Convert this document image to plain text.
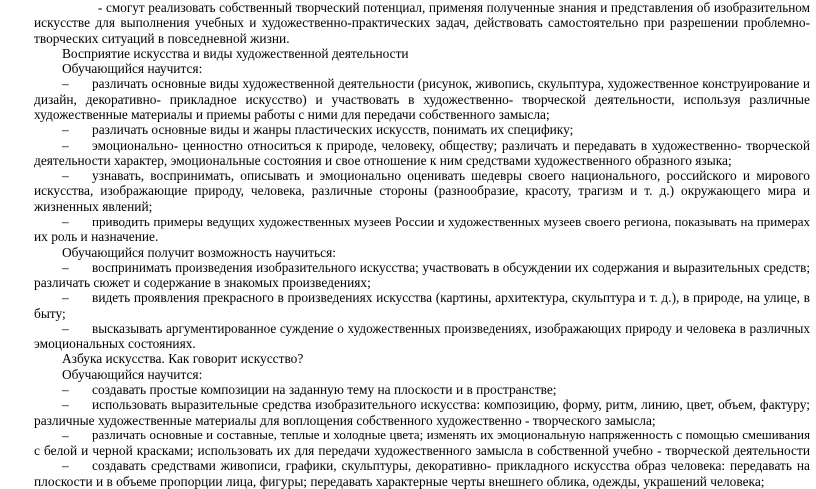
- смогут реализовать собственный творческий потенциал, применяя полученные знания и представления об изобразительном
искусстве для выполнения учебных и художественно-практических задач, действовать самостоятельно при разрешении проблемно-
творческих ситуаций в повседневной жизни.
Восприятие искусства и виды художественной деятельности
Обучающийся научится:
–	различать основные виды художественной деятельности (рисунок, живопись, скульптура, художественное конструирование и
дизайн, декоративно- прикладное искусство) и участвовать в художественно- творческой деятельности, используя различные
художественные материалы и приемы работы с ними для передачи собственного замысла;
–	различать основные виды и жанры пластических искусств, понимать их специфику;
–	эмоционально- ценностно относиться к природе, человеку, обществу; различать и передавать в художественно- творческой
деятельности характер, эмоциональные состояния и свое отношение к ним средствами художественного образного языка;
–	узнавать, воспринимать, описывать и эмоционально оценивать шедевры своего национального, российского и мирового
искусства, изображающие природу, человека, различные стороны (разнообразие, красоту, трагизм и т. д.) окружающего мира и
жизненных явлений;
–	приводить примеры ведущих художественных музеев России и художественных музеев своего региона, показывать на примерах
их роль и назначение.
Обучающийся получит возможность научиться:
–	воспринимать произведения изобразительного искусства; участвовать в обсуждении их содержания и выразительных средств;
различать сюжет и содержание в знакомых произведениях;
–	видеть проявления прекрасного в произведениях искусства (картины, архитектура, скульптура и т. д.), в природе, на улице, в
быту;
–	высказывать аргументированное суждение о художественных произведениях, изображающих природу и человека в различных
эмоциональных состояниях.
Азбука искусства. Как говорит искусство?
Обучающийся научится:
–	создавать простые композиции на заданную тему на плоскости и в пространстве;
–	использовать выразительные средства изобразительного искусства: композицию, форму, ритм, линию, цвет, объем, фактуру;
различные художественные материалы для воплощения собственного художественно - творческого замысла;
–	различать основные и составные, теплые и холодные цвета; изменять их эмоциональную напряженность с помощью смешивания
с белой и черной красками; использовать их для передачи художественного замысла в собственной учебно - творческой деятельности
–	создавать средствами живописи, графики, скульптуры, декоративно- прикладного искусства образ человека: передавать на
плоскости и в объеме пропорции лица, фигуры; передавать характерные черты внешнего облика, одежды, украшений человека;
